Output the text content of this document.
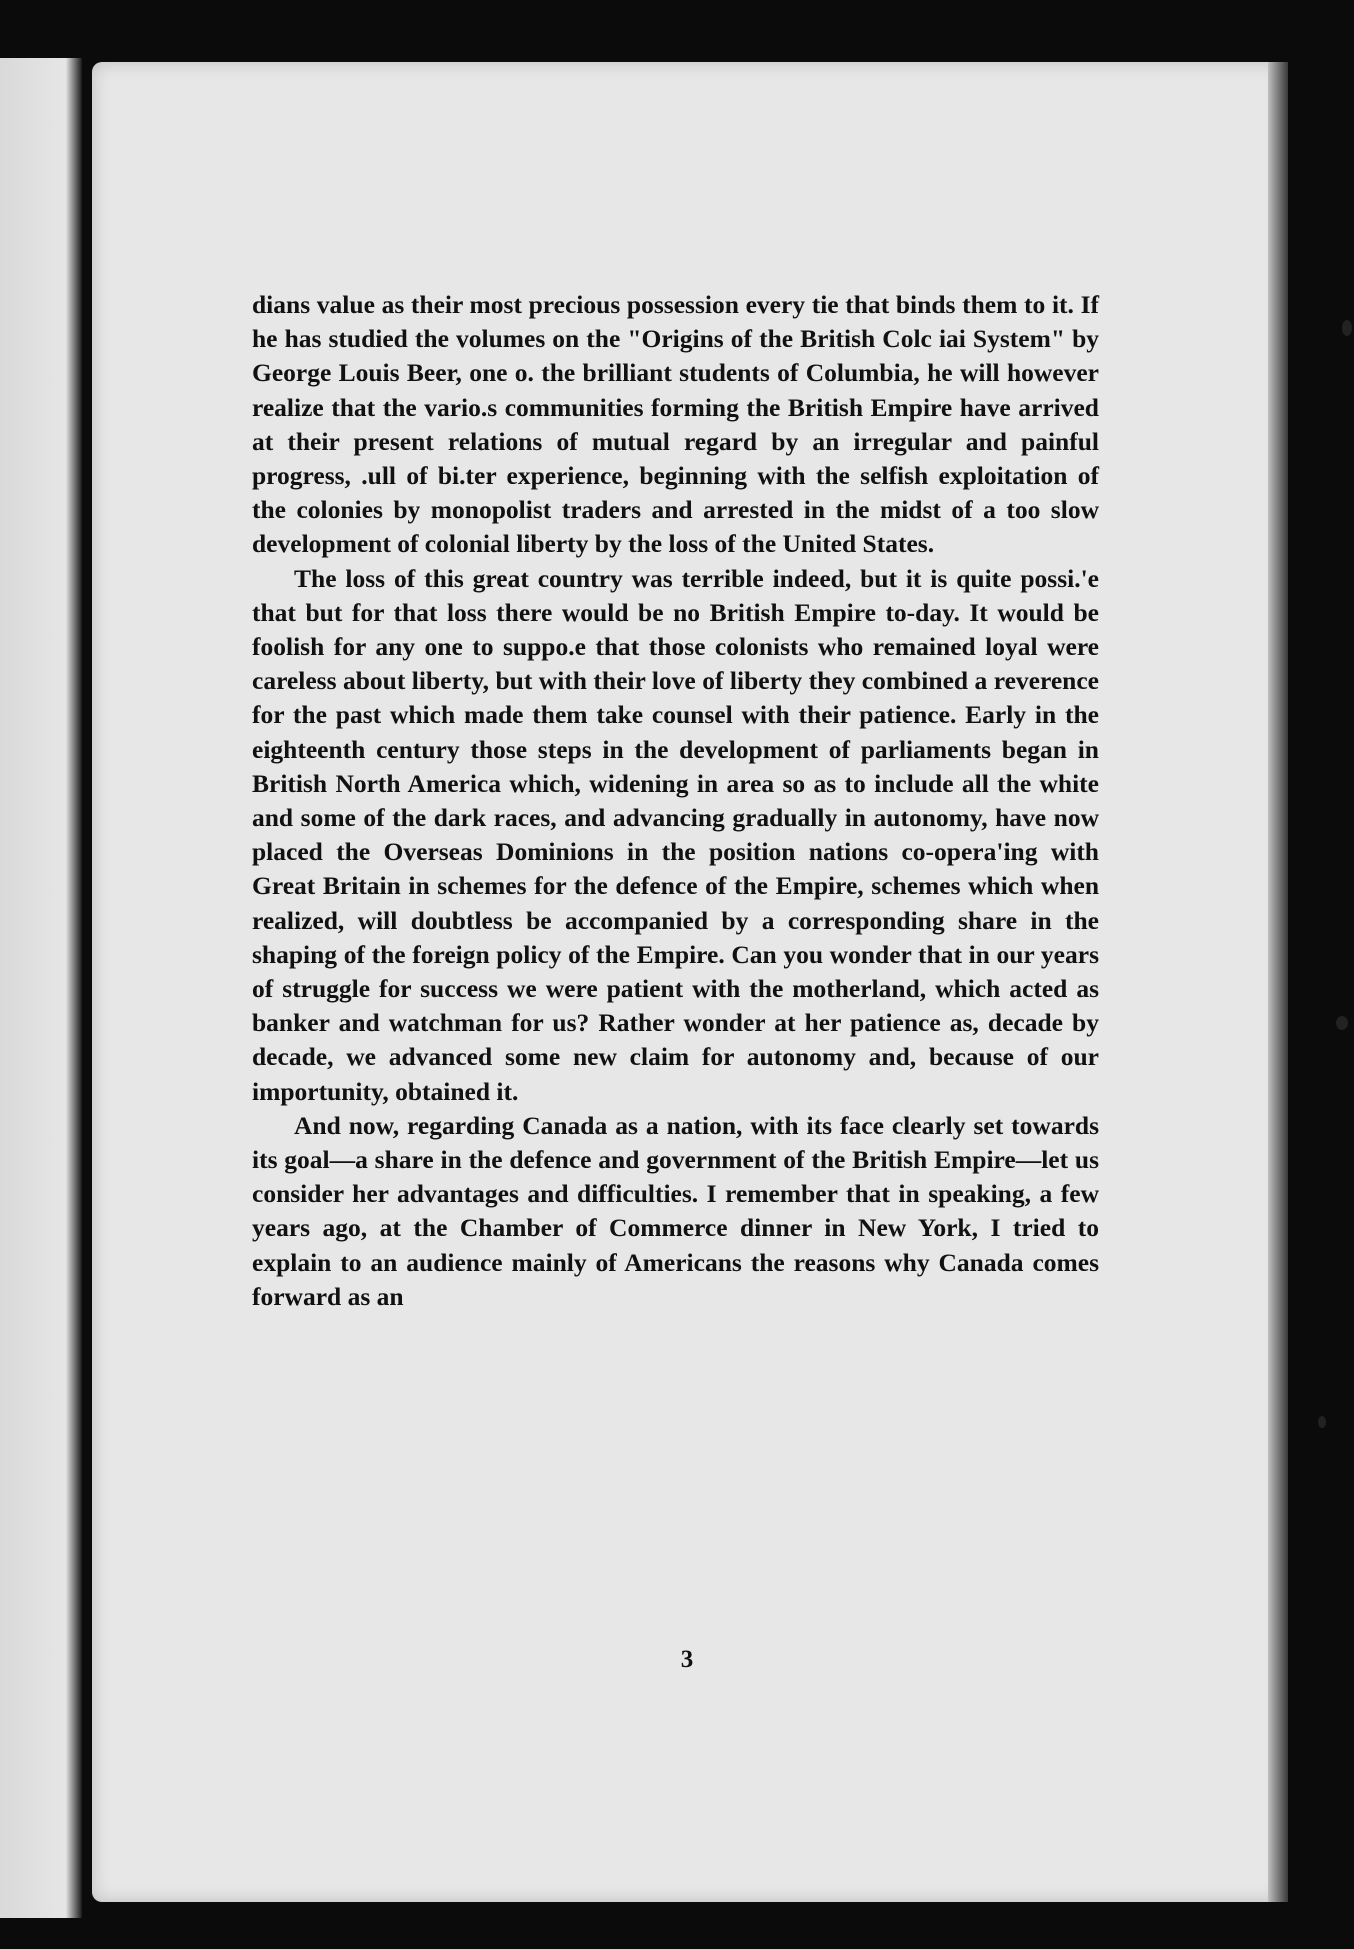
dians value as their most precious possession every tie that binds them to it. If he has studied the volumes on the "Origins of the British Colc iai System" by George Louis Beer, one o. the brilliant students of Columbia, he will however realize that the vario.s communities forming the British Empire have arrived at their present relations of mutual regard by an irregular and painful progress, .ull of bi.ter experience, beginning with the selfish exploitation of the colonies by monopolist traders and arrested in the midst of a too slow development of colonial liberty by the loss of the United States.

The loss of this great country was terrible indeed, but it is quite possi.'e that but for that loss there would be no British Empire to-day. It would be foolish for any one to suppo.e that those colonists who remained loyal were careless about liberty, but with their love of liberty they combined a reverence for the past which made them take counsel with their patience. Early in the eighteenth century those steps in the development of parliaments began in British North America which, widening in area so as to include all the white and some of the dark races, and advancing gradually in autonomy, have now placed the Overseas Dominions in the position nations co-opera'ing with Great Britain in schemes for the defence of the Empire, schemes which when realized, will doubtless be accompanied by a corresponding share in the shaping of the foreign policy of the Empire. Can you wonder that in our years of struggle for success we were patient with the motherland, which acted as banker and watchman for us? Rather wonder at her patience as, decade by decade, we advanced some new claim for autonomy and, because of our importunity, obtained it.

And now, regarding Canada as a nation, with its face clearly set towards its goal—a share in the defence and government of the British Empire—let us consider her advantages and difficulties. I remember that in speaking, a few years ago, at the Chamber of Commerce dinner in New York, I tried to explain to an audience mainly of Americans the reasons why Canada comes forward as an

3
